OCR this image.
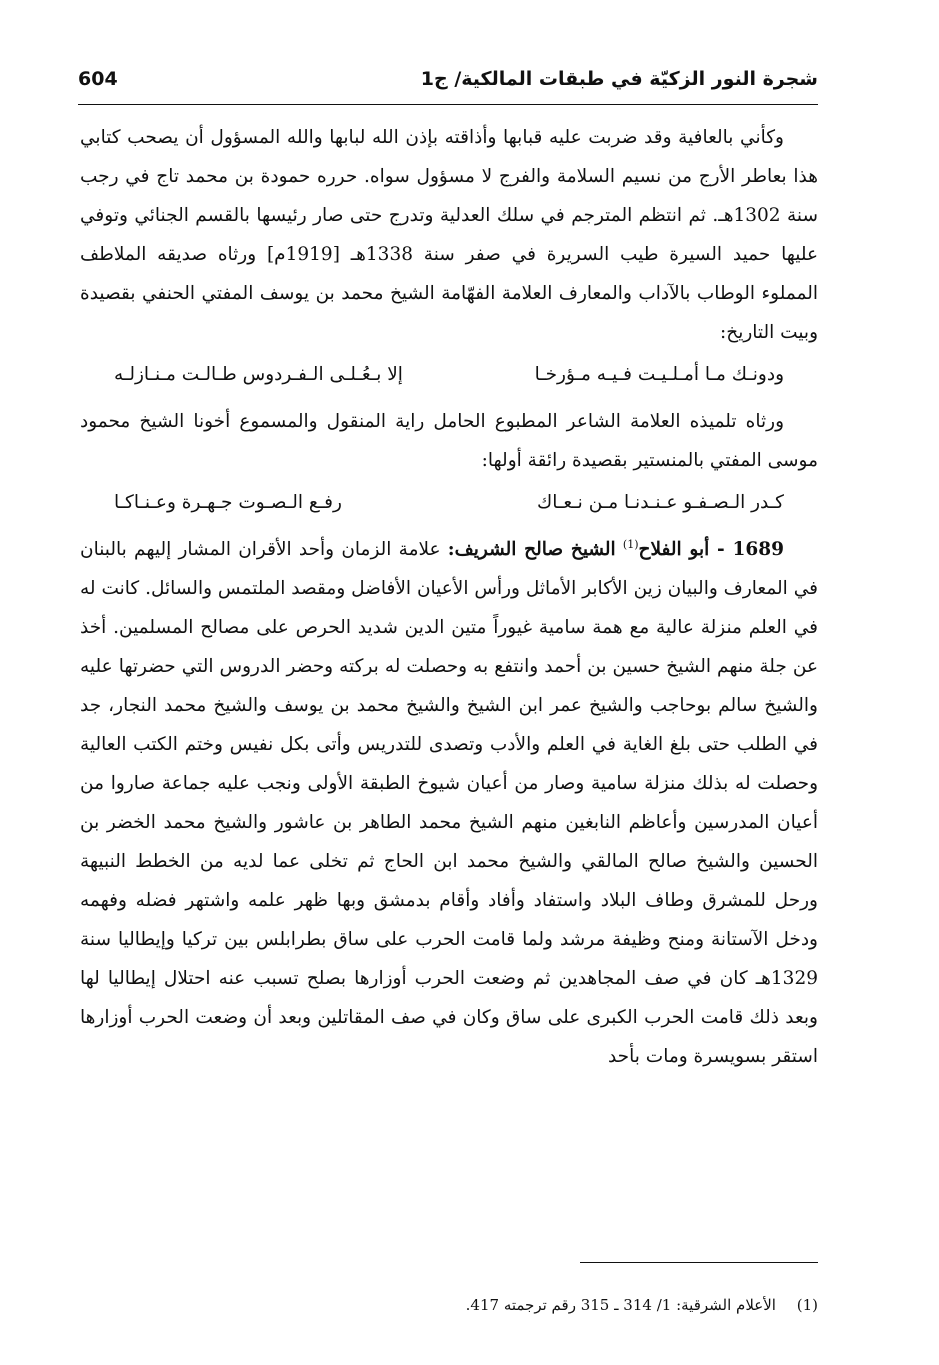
شجرة النور الزكيّة في طبقات المالكية/ ج1
604

وكأني بالعافية وقد ضربت عليه قبابها وأذاقته بإذن الله لبابها والله المسؤول أن يصحب كتابي هذا بعاطر الأرج من نسيم السلامة والفرج لا مسؤول سواه. حرره حمودة بن محمد تاج في رجب سنة 1302هـ. ثم انتظم المترجم في سلك العدلية وتدرج حتى صار رئيسها بالقسم الجنائي وتوفي عليها حميد السيرة طيب السريرة في صفر سنة 1338هـ [1919م] ورثاه صديقه الملاطف المملوء الوطاب بالآداب والمعارف العلامة الفهّامة الشيخ محمد بن يوسف المفتي الحنفي بقصيدة وبيت التاريخ:

ودونـك مـا أمـلـيـت فـيـه مـؤرخـا
إلا بـعُـلـى الـفـردوس طـالـت مـنـازلـه

ورثاه تلميذه العلامة الشاعر المطبوع الحامل راية المنقول والمسموع أخونا الشيخ محمود موسى المفتي بالمنستير بقصيدة رائقة أولها:

كـدر الـصـفـو عـنـدنـا مـن نـعـاك
رفـع الـصـوت جـهـرة وعـنـاكـا

1689 - أبو الفلاح$^{(1)}$ الشيخ صالح الشريف: علامة الزمان وأحد الأقران المشار إليهم بالبنان في المعارف والبيان زين الأكابر الأماثل ورأس الأعيان الأفاضل ومقصد الملتمس والسائل. كانت له في العلم منزلة عالية مع همة سامية غيوراً متين الدين شديد الحرص على مصالح المسلمين. أخذ عن جلة منهم الشيخ حسين بن أحمد وانتفع به وحصلت له بركته وحضر الدروس التي حضرتها عليه والشيخ سالم بوحاجب والشيخ عمر ابن الشيخ والشيخ محمد بن يوسف والشيخ محمد النجار، جد في الطلب حتى بلغ الغاية في العلم والأدب وتصدى للتدريس وأتى بكل نفيس وختم الكتب العالية وحصلت له بذلك منزلة سامية وصار من أعيان شيوخ الطبقة الأولى ونجب عليه جماعة صاروا من أعيان المدرسين وأعاظم النابغين منهم الشيخ محمد الطاهر بن عاشور والشيخ محمد الخضر بن الحسين والشيخ صالح المالقي والشيخ محمد ابن الحاج ثم تخلى عما لديه من الخطط النبيهة ورحل للمشرق وطاف البلاد واستفاد وأفاد وأقام بدمشق وبها ظهر علمه واشتهر فضله وفهمه ودخل الآستانة ومنح وظيفة مرشد ولما قامت الحرب على ساق بطرابلس بين تركيا وإيطاليا سنة 1329هـ كان في صف المجاهدين ثم وضعت الحرب أوزارها بصلح تسبب عنه احتلال إيطاليا لها وبعد ذلك قامت الحرب الكبرى على ساق وكان في صف المقاتلين وبعد أن وضعت الحرب أوزارها استقر بسويسرة ومات بأحد

(1) الأعلام الشرقية: 1/ 314 ـ 315 رقم ترجمته 417.
